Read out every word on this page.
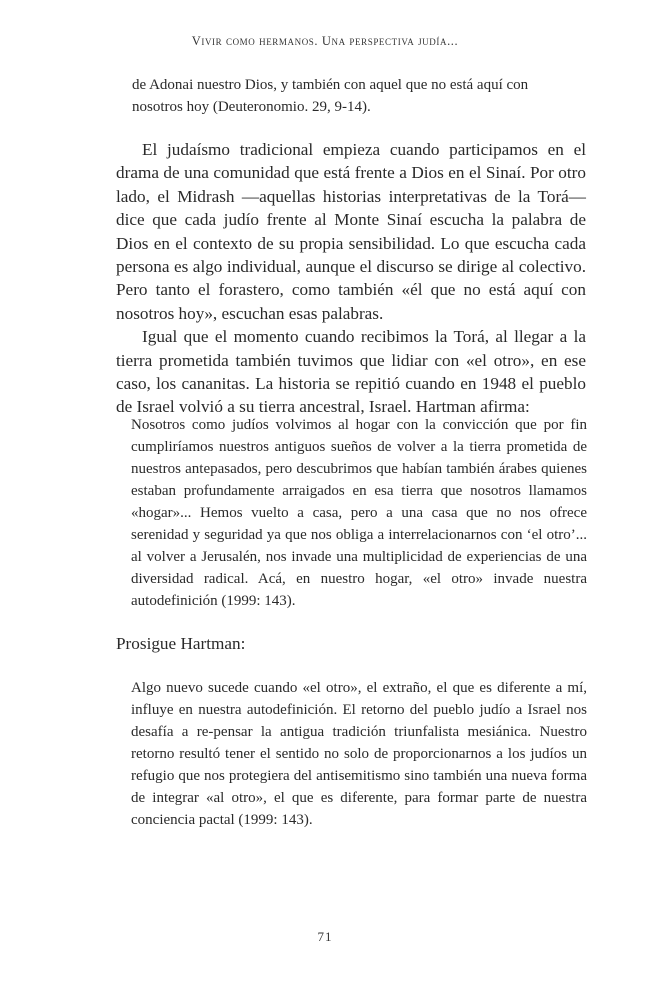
Vivir como hermanos. Una perspectiva judía...
de Adonai nuestro Dios, y también con aquel que no está aquí con nosotros hoy (Deuteronomio. 29, 9-14).

El judaísmo tradicional empieza cuando participamos en el drama de una comunidad que está frente a Dios en el Sinaí. Por otro lado, el Midrash —aquellas historias interpretativas de la Torá— dice que cada judío frente al Monte Sinaí escucha la palabra de Dios en el contexto de su propia sensibilidad. Lo que escucha cada persona es algo individual, aunque el discurso se dirige al colectivo. Pero tanto el forastero, como también «él que no está aquí con nosotros hoy», escuchan esas palabras.

Igual que el momento cuando recibimos la Torá, al llegar a la tierra prometida también tuvimos que lidiar con «el otro», en ese caso, los cananitas. La historia se repitió cuando en 1948 el pueblo de Israel volvió a su tierra ancestral, Israel. Hartman afirma:

Nosotros como judíos volvimos al hogar con la convicción que por fin cumpliríamos nuestros antiguos sueños de volver a la tierra prometida de nuestros antepasados, pero descubrimos que habían también árabes quienes estaban profundamente arraigados en esa tierra que nosotros llamamos «hogar»... Hemos vuelto a casa, pero a una casa que no nos ofrece serenidad y seguridad ya que nos obliga a interrelacionarnos con ‘el otro’... al volver a Jerusalén, nos invade una multiplicidad de experiencias de una diversidad radical. Acá, en nuestro hogar, «el otro» invade nuestra autodefinición (1999: 143).
Prosigue Hartman:
Algo nuevo sucede cuando «el otro», el extraño, el que es diferente a mí, influye en nuestra autodefinición. El retorno del pueblo judío a Israel nos desafía a re-pensar la antigua tradición triunfalista mesiánica. Nuestro retorno resultó tener el sentido no solo de proporcionarnos a los judíos un refugio que nos protegiera del antisemitismo sino también una nueva forma de integrar «al otro», el que es diferente, para formar parte de nuestra conciencia pactal (1999: 143).
71
